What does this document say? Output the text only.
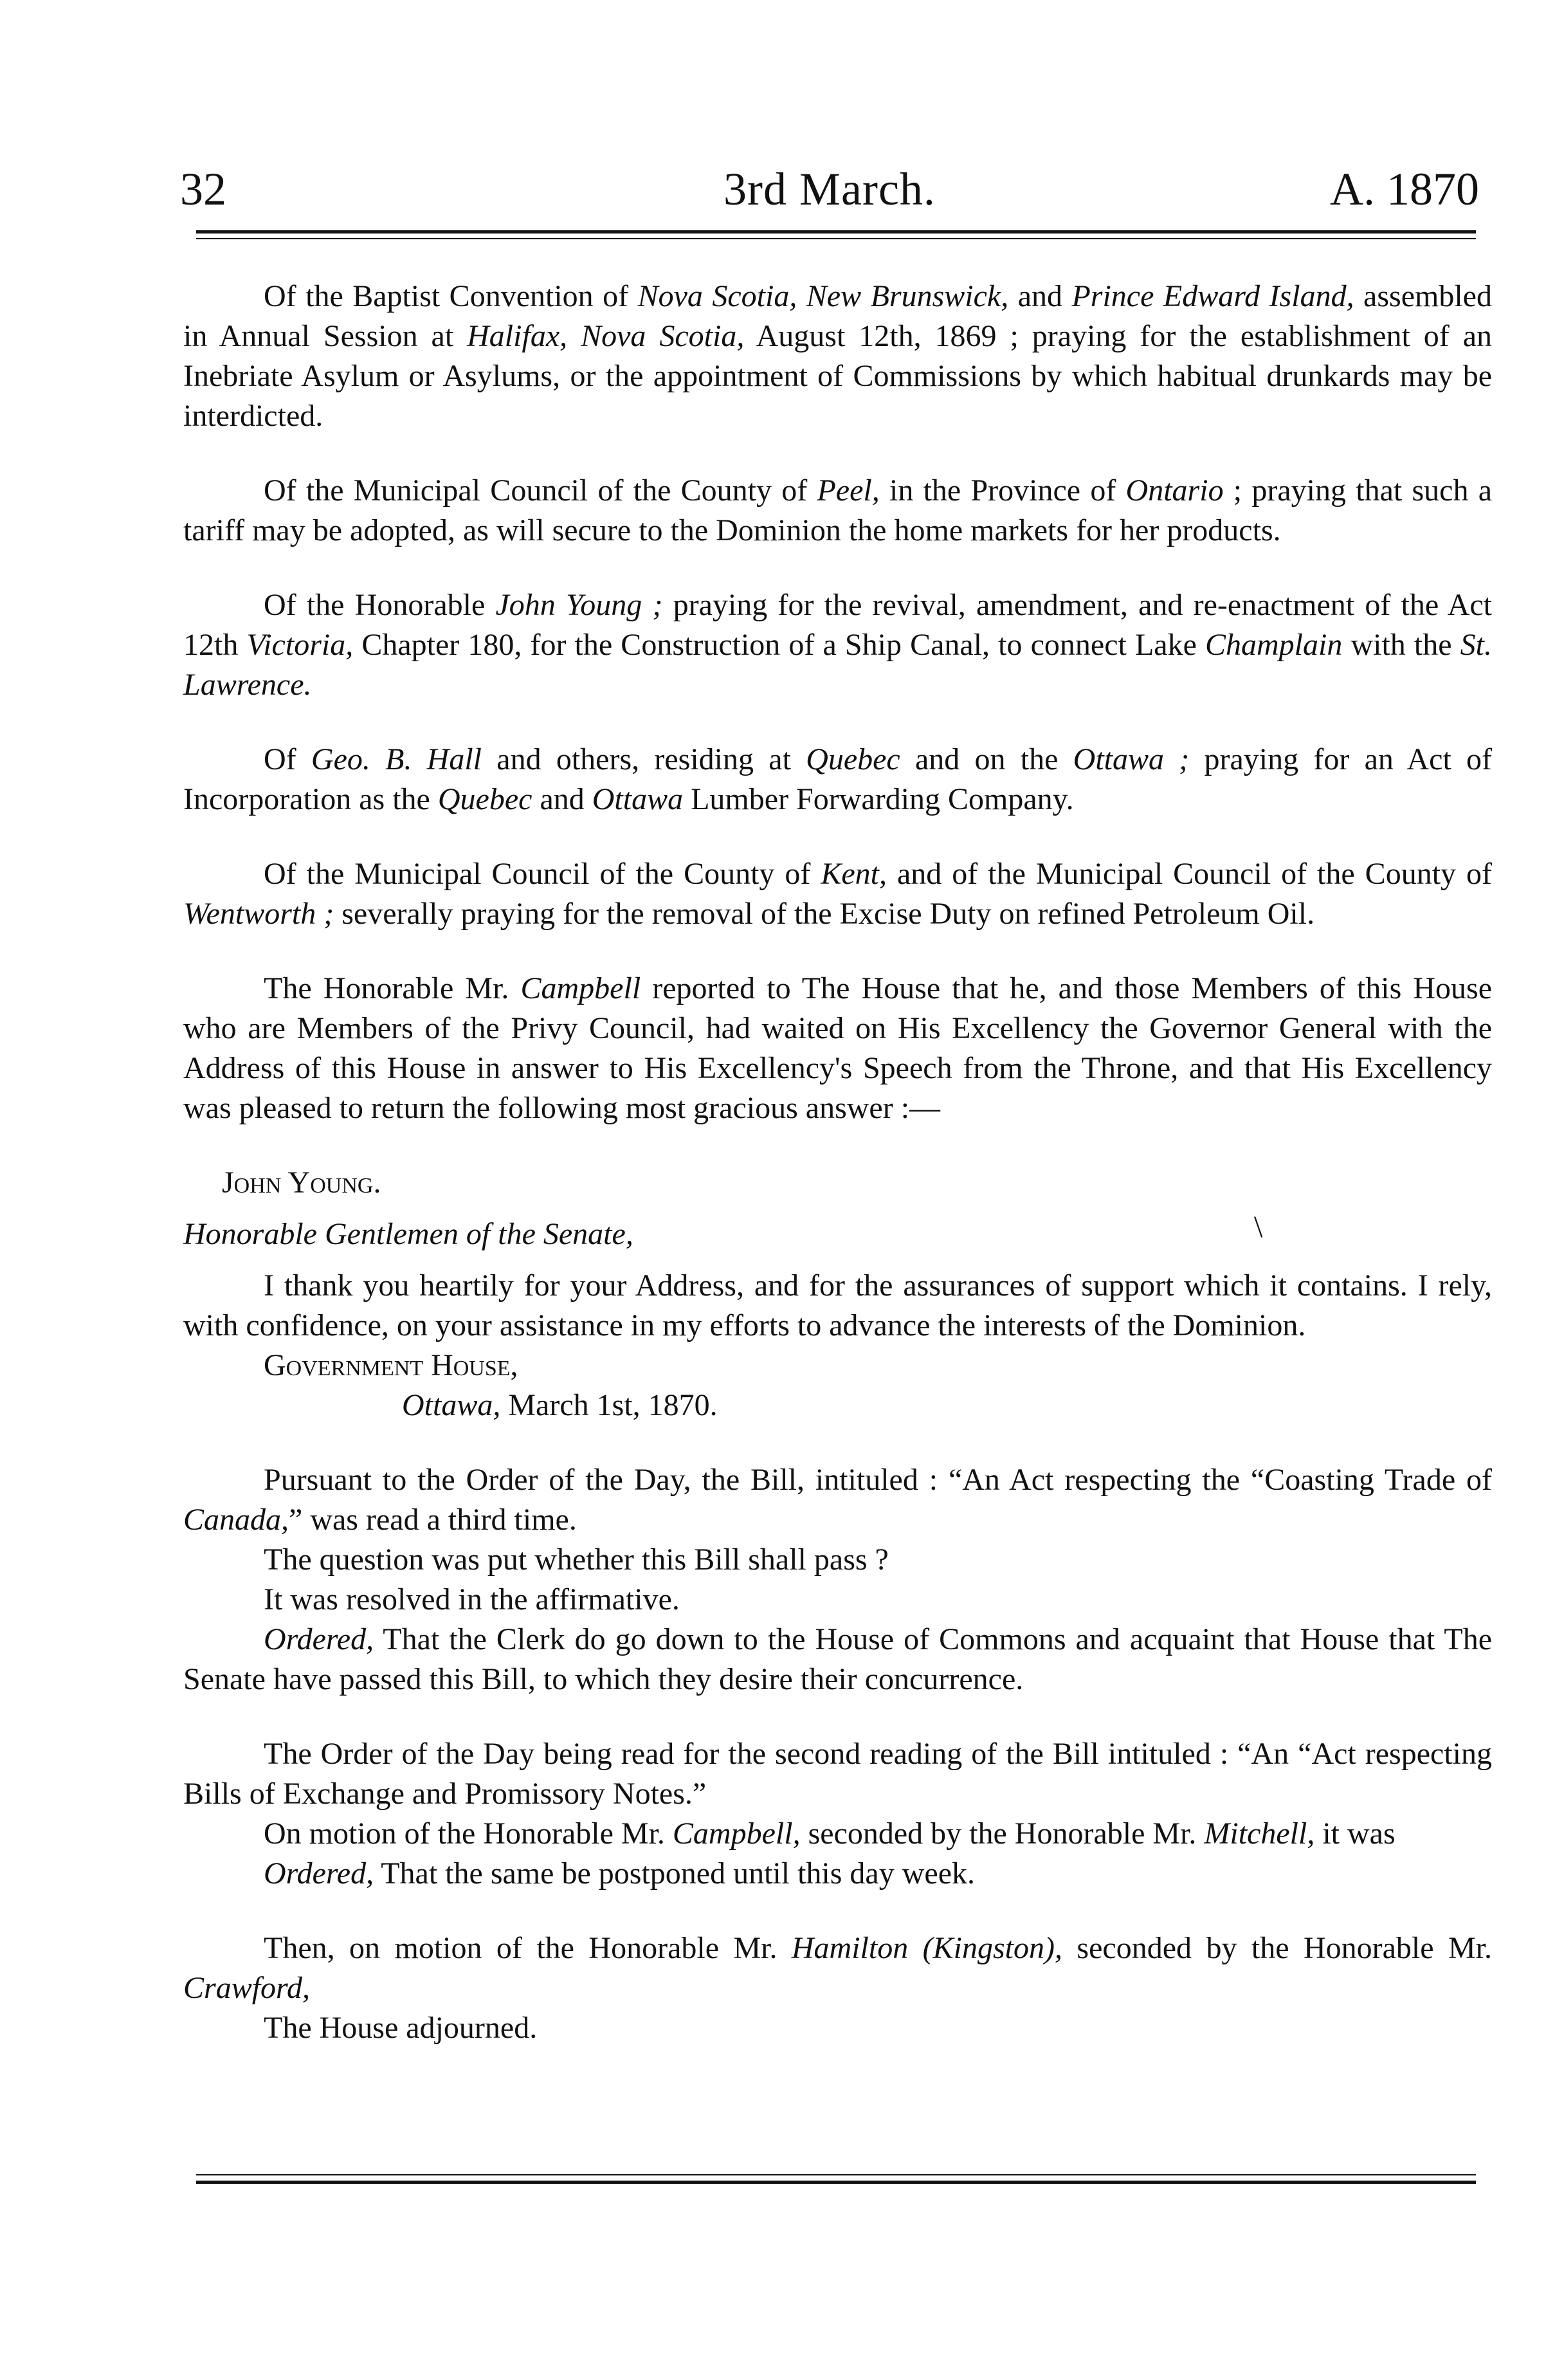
32	3rd March.	A. 1870

Of the Baptist Convention of Nova Scotia, New Brunswick, and Prince Edward Island, assembled in Annual Session at Halifax, Nova Scotia, August 12th, 1869 ; praying for the establishment of an Inebriate Asylum or Asylums, or the appointment of Commissions by which habitual drunkards may be interdicted.

Of the Municipal Council of the County of Peel, in the Province of Ontario ; praying that such a tariff may be adopted, as will secure to the Dominion the home markets for her products.

Of the Honorable John Young ; praying for the revival, amendment, and re-enactment of the Act 12th Victoria, Chapter 180, for the Construction of a Ship Canal, to connect Lake Champlain with the St. Lawrence.

Of Geo. B. Hall and others, residing at Quebec and on the Ottawa ; praying for an Act of Incorporation as the Quebec and Ottawa Lumber Forwarding Company.

Of the Municipal Council of the County of Kent, and of the Municipal Council of the County of Wentworth ; severally praying for the removal of the Excise Duty on refined Petroleum Oil.

The Honorable Mr. Campbell reported to The House that he, and those Members of this House who are Members of the Privy Council, had waited on His Excellency the Governor General with the Address of this House in answer to His Excellency's Speech from the Throne, and that His Excellency was pleased to return the following most gracious answer :—

John Young.

Honorable Gentlemen of the Senate,

I thank you heartily for your Address, and for the assurances of support which it contains. I rely, with confidence, on your assistance in my efforts to advance the interests of the Dominion.

Government House,

Ottawa, March 1st, 1870.

Pursuant to the Order of the Day, the Bill, intituled : “An Act respecting the “Coasting Trade of Canada,” was read a third time.

The question was put whether this Bill shall pass ?

It was resolved in the affirmative.

Ordered, That the Clerk do go down to the House of Commons and acquaint that House that The Senate have passed this Bill, to which they desire their concurrence.

The Order of the Day being read for the second reading of the Bill intituled : “An “Act respecting Bills of Exchange and Promissory Notes.”

On motion of the Honorable Mr. Campbell, seconded by the Honorable Mr. Mitchell, it was

Ordered, That the same be postponed until this day week.

Then, on motion of the Honorable Mr. Hamilton (Kingston), seconded by the Honorable Mr. Crawford,

The House adjourned.

\
